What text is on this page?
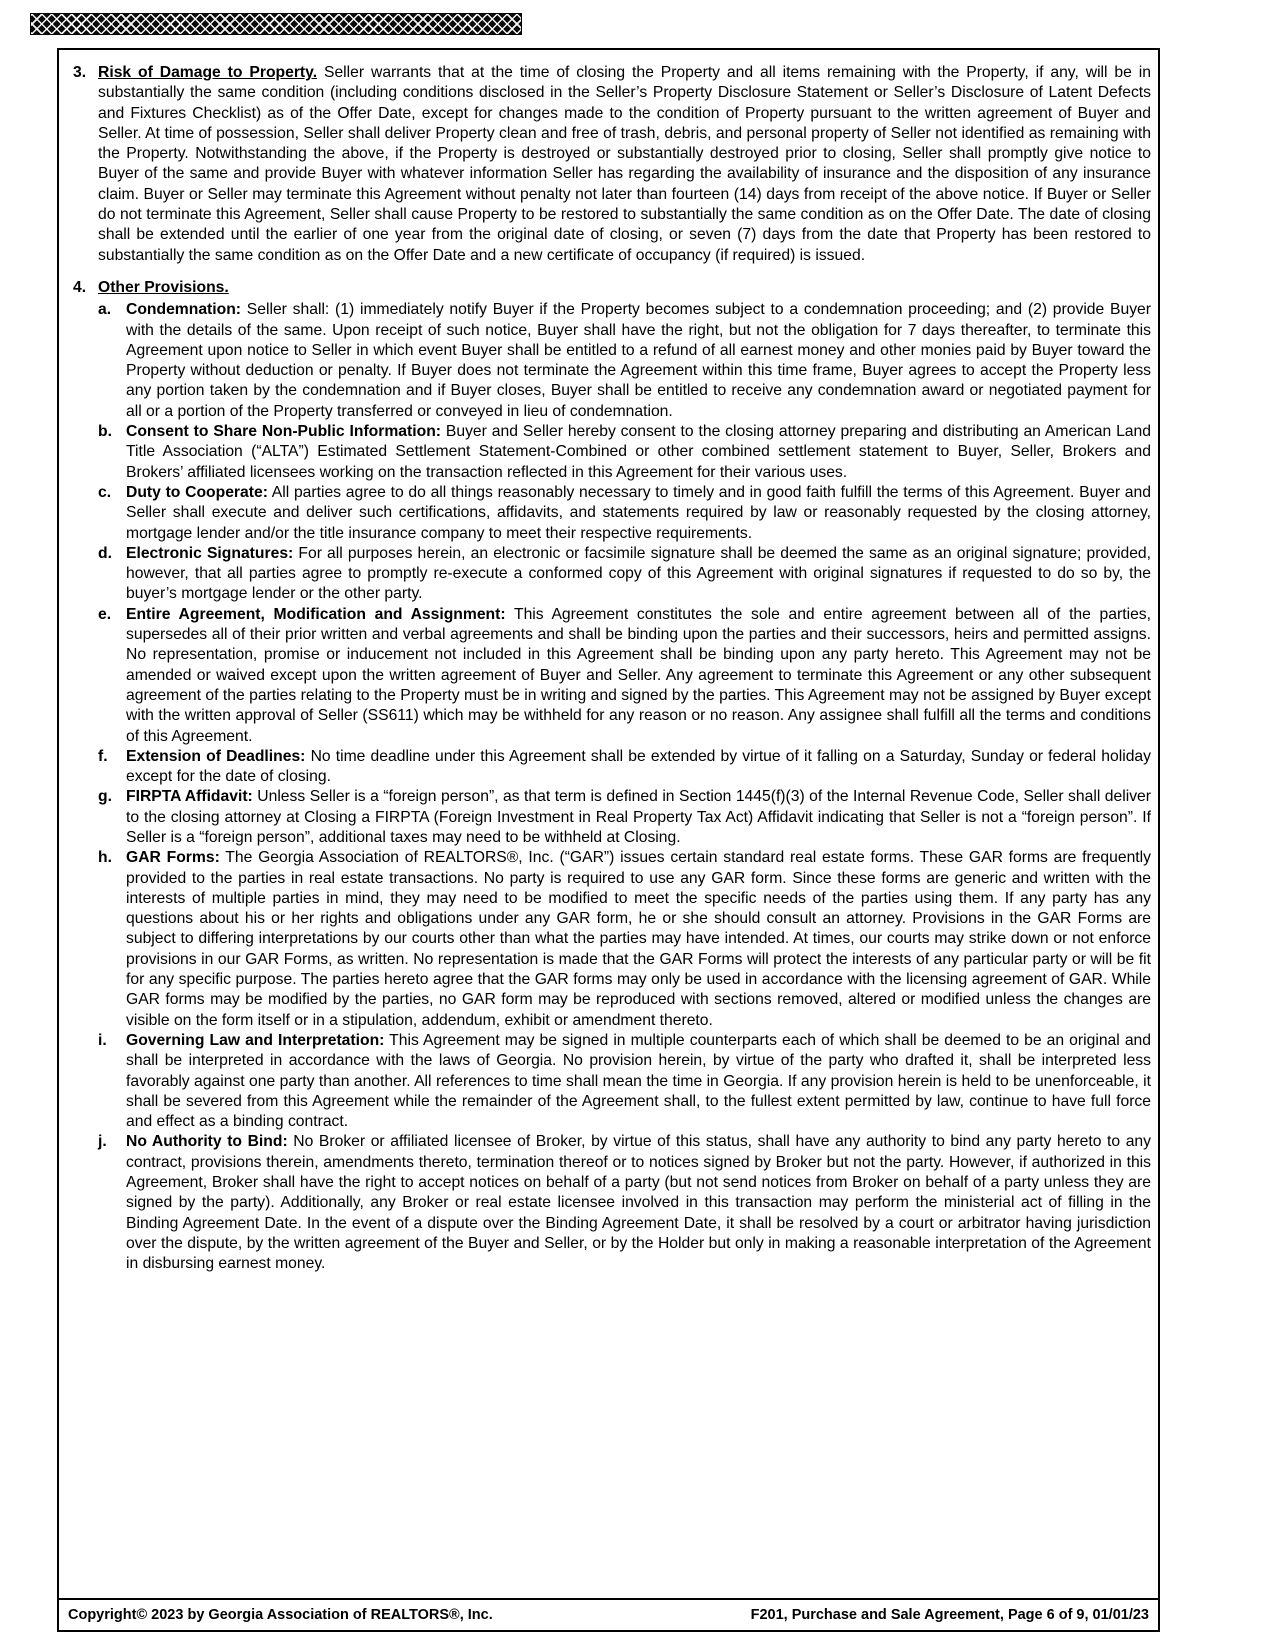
3. Risk of Damage to Property. Seller warrants that at the time of closing the Property and all items remaining with the Property, if any, will be in substantially the same condition (including conditions disclosed in the Seller’s Property Disclosure Statement or Seller’s Disclosure of Latent Defects and Fixtures Checklist) as of the Offer Date, except for changes made to the condition of Property pursuant to the written agreement of Buyer and Seller. At time of possession, Seller shall deliver Property clean and free of trash, debris, and personal property of Seller not identified as remaining with the Property. Notwithstanding the above, if the Property is destroyed or substantially destroyed prior to closing, Seller shall promptly give notice to Buyer of the same and provide Buyer with whatever information Seller has regarding the availability of insurance and the disposition of any insurance claim. Buyer or Seller may terminate this Agreement without penalty not later than fourteen (14) days from receipt of the above notice. If Buyer or Seller do not terminate this Agreement, Seller shall cause Property to be restored to substantially the same condition as on the Offer Date. The date of closing shall be extended until the earlier of one year from the original date of closing, or seven (7) days from the date that Property has been restored to substantially the same condition as on the Offer Date and a new certificate of occupancy (if required) is issued.
4. Other Provisions.
a. Condemnation: Seller shall: (1) immediately notify Buyer if the Property becomes subject to a condemnation proceeding; and (2) provide Buyer with the details of the same. Upon receipt of such notice, Buyer shall have the right, but not the obligation for 7 days thereafter, to terminate this Agreement upon notice to Seller in which event Buyer shall be entitled to a refund of all earnest money and other monies paid by Buyer toward the Property without deduction or penalty. If Buyer does not terminate the Agreement within this time frame, Buyer agrees to accept the Property less any portion taken by the condemnation and if Buyer closes, Buyer shall be entitled to receive any condemnation award or negotiated payment for all or a portion of the Property transferred or conveyed in lieu of condemnation.
b. Consent to Share Non-Public Information: Buyer and Seller hereby consent to the closing attorney preparing and distributing an American Land Title Association (“ALTA”) Estimated Settlement Statement-Combined or other combined settlement statement to Buyer, Seller, Brokers and Brokers’ affiliated licensees working on the transaction reflected in this Agreement for their various uses.
c. Duty to Cooperate: All parties agree to do all things reasonably necessary to timely and in good faith fulfill the terms of this Agreement. Buyer and Seller shall execute and deliver such certifications, affidavits, and statements required by law or reasonably requested by the closing attorney, mortgage lender and/or the title insurance company to meet their respective requirements.
d. Electronic Signatures: For all purposes herein, an electronic or facsimile signature shall be deemed the same as an original signature; provided, however, that all parties agree to promptly re-execute a conformed copy of this Agreement with original signatures if requested to do so by, the buyer’s mortgage lender or the other party.
e. Entire Agreement, Modification and Assignment: This Agreement constitutes the sole and entire agreement between all of the parties, supersedes all of their prior written and verbal agreements and shall be binding upon the parties and their successors, heirs and permitted assigns. No representation, promise or inducement not included in this Agreement shall be binding upon any party hereto. This Agreement may not be amended or waived except upon the written agreement of Buyer and Seller. Any agreement to terminate this Agreement or any other subsequent agreement of the parties relating to the Property must be in writing and signed by the parties. This Agreement may not be assigned by Buyer except with the written approval of Seller (SS611) which may be withheld for any reason or no reason. Any assignee shall fulfill all the terms and conditions of this Agreement.
f.	Extension of Deadlines: No time deadline under this Agreement shall be extended by virtue of it falling on a Saturday, Sunday or federal holiday except for the date of closing.
g. FIRPTA Affidavit: Unless Seller is a “foreign person”, as that term is defined in Section 1445(f)(3) of the Internal Revenue Code, Seller shall deliver to the closing attorney at Closing a FIRPTA (Foreign Investment in Real Property Tax Act) Affidavit indicating that Seller is not a “foreign person”. If Seller is a “foreign person”, additional taxes may need to be withheld at Closing.
h. GAR Forms: The Georgia Association of REALTORS®, Inc. (“GAR”) issues certain standard real estate forms. These GAR forms are frequently provided to the parties in real estate transactions. No party is required to use any GAR form. Since these forms are generic and written with the interests of multiple parties in mind, they may need to be modified to meet the specific needs of the parties using them. If any party has any questions about his or her rights and obligations under any GAR form, he or she should consult an attorney. Provisions in the GAR Forms are subject to differing interpretations by our courts other than what the parties may have intended. At times, our courts may strike down or not enforce provisions in our GAR Forms, as written. No representation is made that the GAR Forms will protect the interests of any particular party or will be fit for any specific purpose. The parties hereto agree that the GAR forms may only be used in accordance with the licensing agreement of GAR. While GAR forms may be modified by the parties, no GAR form may be reproduced with sections removed, altered or modified unless the changes are visible on the form itself or in a stipulation, addendum, exhibit or amendment thereto.
i.	Governing Law and Interpretation: This Agreement may be signed in multiple counterparts each of which shall be deemed to be an original and shall be interpreted in accordance with the laws of Georgia. No provision herein, by virtue of the party who drafted it, shall be interpreted less favorably against one party than another. All references to time shall mean the time in Georgia. If any provision herein is held to be unenforceable, it shall be severed from this Agreement while the remainder of the Agreement shall, to the fullest extent permitted by law, continue to have full force and effect as a binding contract.
j.	No Authority to Bind: No Broker or affiliated licensee of Broker, by virtue of this status, shall have any authority to bind any party hereto to any contract, provisions therein, amendments thereto, termination thereof or to notices signed by Broker but not the party. However, if authorized in this Agreement, Broker shall have the right to accept notices on behalf of a party (but not send notices from Broker on behalf of a party unless they are signed by the party). Additionally, any Broker or real estate licensee involved in this transaction may perform the ministerial act of filling in the Binding Agreement Date. In the event of a dispute over the Binding Agreement Date, it shall be resolved by a court or arbitrator having jurisdiction over the dispute, by the written agreement of the Buyer and Seller, or by the Holder but only in making a reasonable interpretation of the Agreement in disbursing earnest money.
Copyright© 2023 by Georgia Association of REALTORS®, Inc.	F201, Purchase and Sale Agreement, Page 6 of 9, 01/01/23
